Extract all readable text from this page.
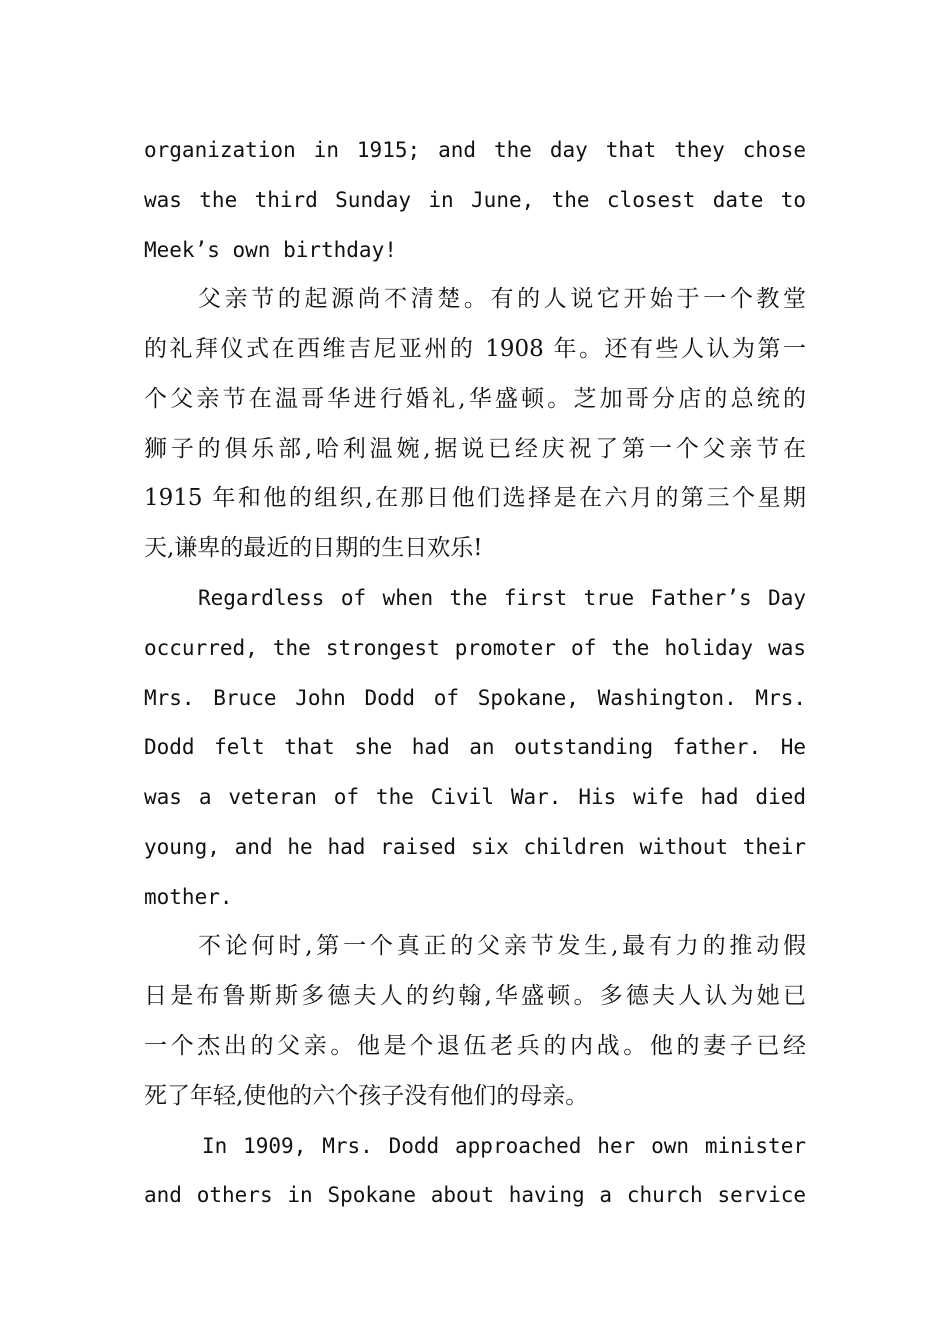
organization in 1915; and the day that they chose
was the third Sunday in June, the closest date to
Meek’s own birthday!
父亲节的起源尚不清楚。有的人说它开始于一个教堂
的礼拜仪式在西维吉尼亚州的 1908 年。还有些人认为第一
个父亲节在温哥华进行婚礼,华盛顿。芝加哥分店的总统的
狮子的俱乐部,哈利温婉,据说已经庆祝了第一个父亲节在
1915 年和他的组织,在那日他们选择是在六月的第三个星期
天,谦卑的最近的日期的生日欢乐!
Regardless of when the first true Father’s Day
occurred, the strongest promoter of the holiday was
Mrs. Bruce John Dodd of Spokane, Washington. Mrs.
Dodd felt that she had an outstanding father. He
was a veteran of the Civil War. His wife had died
young, and he had raised six children without their
mother.
不论何时,第一个真正的父亲节发生,最有力的推动假
日是布鲁斯斯多德夫人的约翰,华盛顿。多德夫人认为她已
一个杰出的父亲。他是个退伍老兵的内战。他的妻子已经
死了年轻,使他的六个孩子没有他们的母亲。
In 1909, Mrs. Dodd approached her own minister
and others in Spokane about having a church service
